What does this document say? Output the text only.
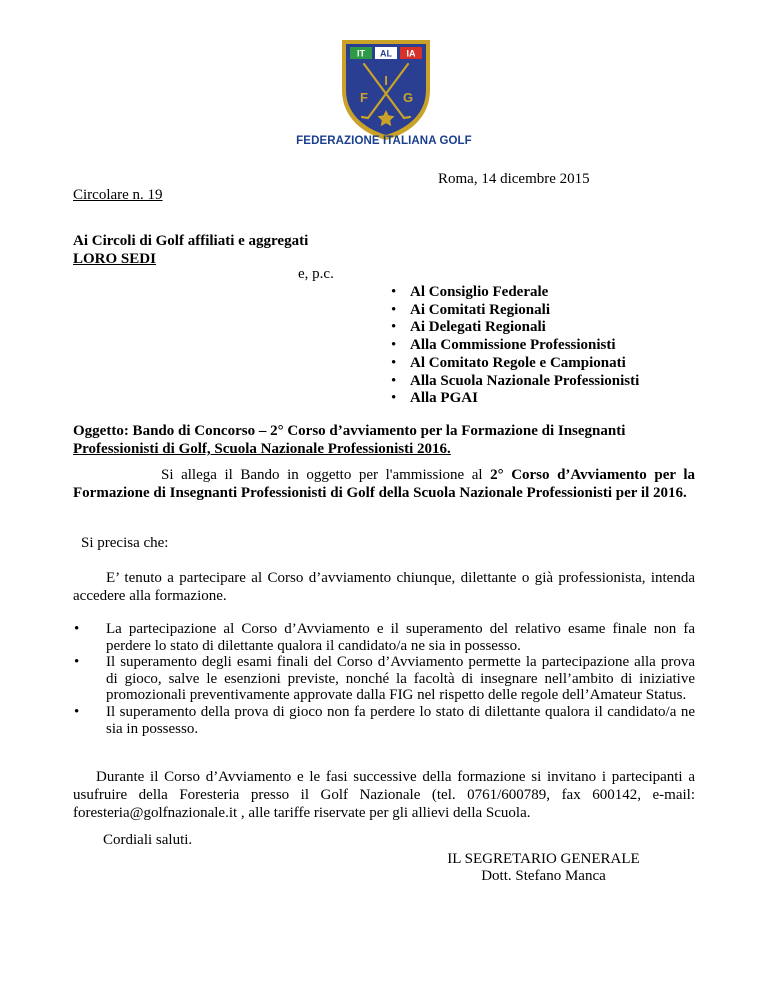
IT AL IA
I
F	G
FEDERAZIONE ITALIANA GOLF
Roma, 14 dicembre 2015
Circolare n. 19
Ai Circoli di Golf affiliati e aggregati
LORO SEDI
e, p.c.
• Al Consiglio Federale
• Ai Comitati Regionali
• Ai Delegati Regionali
• Alla Commissione Professionisti
• Al Comitato Regole e Campionati
• Alla Scuola Nazionale Professionisti
• Alla PGAI
Oggetto: Bando di Concorso – 2° Corso d’avviamento per la Formazione di Insegnanti
Professionisti di Golf, Scuola Nazionale Professionisti 2016.
Si allega il Bando in oggetto per l'ammissione al 2° Corso d’Avviamento per la Formazione di Insegnanti Professionisti di Golf della Scuola Nazionale Professionisti per il 2016.
Si precisa che:
E’ tenuto a partecipare al Corso d’avviamento chiunque, dilettante o già professionista, intenda accedere alla formazione.
• La partecipazione al Corso d’Avviamento e il superamento del relativo esame finale non fa perdere lo stato di dilettante qualora il candidato/a ne sia in possesso.
• Il superamento degli esami finali del Corso d’Avviamento permette la partecipazione alla prova di gioco, salve le esenzioni previste, nonché la facoltà di insegnare nell’ambito di iniziative promozionali preventivamente approvate dalla FIG nel rispetto delle regole dell’Amateur Status.
• Il superamento della prova di gioco non fa perdere lo stato di dilettante qualora il candidato/a ne sia in possesso.
Durante il Corso d’Avviamento e le fasi successive della formazione si invitano i partecipanti a usufruire della Foresteria presso il Golf Nazionale (tel. 0761/600789, fax 600142, e-mail: foresteria@golfnazionale.it , alle tariffe riservate per gli allievi della Scuola.
Cordiali saluti.
IL SEGRETARIO GENERALE
Dott. Stefano Manca
